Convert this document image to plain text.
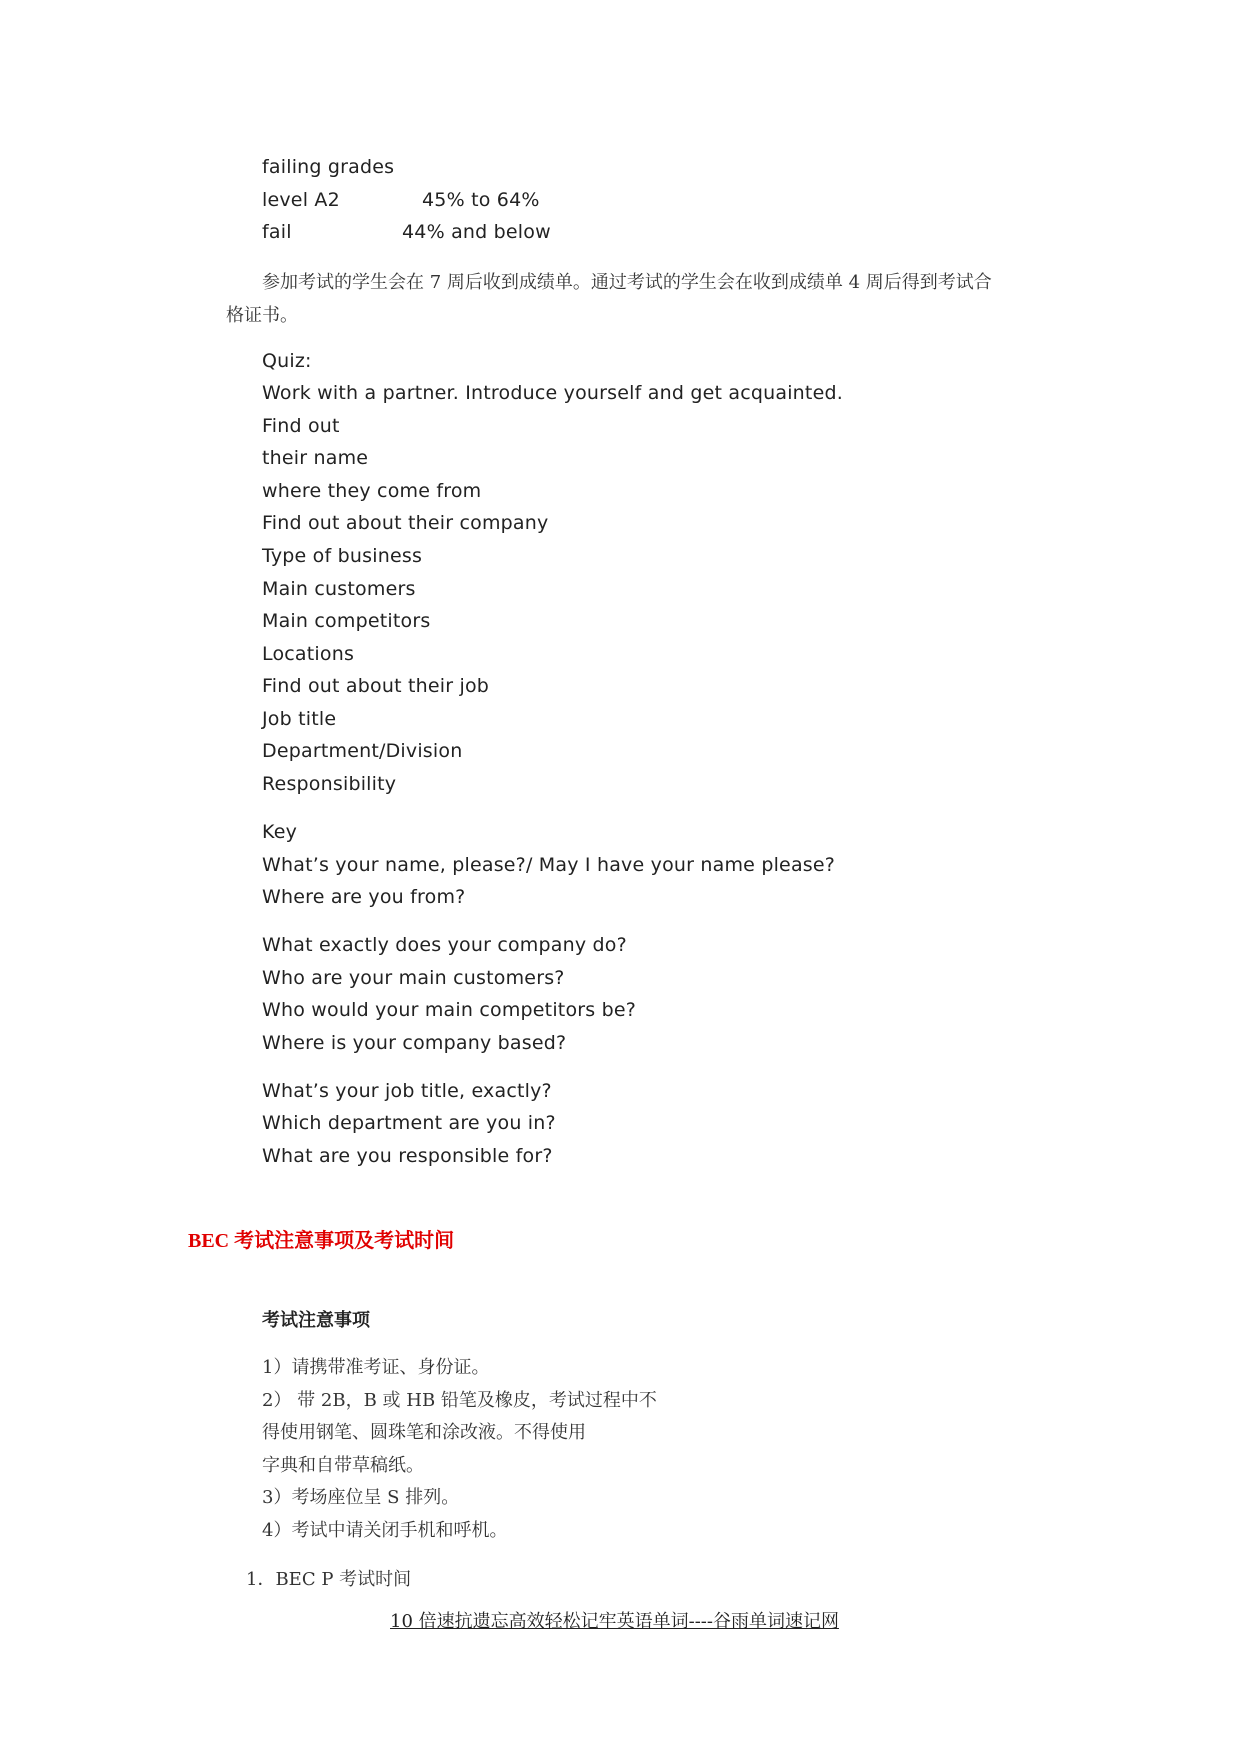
failing grades
level A2	45% to 64%
fail	44% and below
参加考试的学生会在 7 周后收到成绩单。通过考试的学生会在收到成绩单 4 周后得到考试合
格证书。
Quiz:
Work with a partner. Introduce yourself and get acquainted.
Find out
their name
where they come from
Find out about their company
Type of business
Main customers
Main competitors
Locations
Find out about their job
Job title
Department/Division
Responsibility
Key
What’s your name, please?/ May I have your name please?
Where are you from?
What exactly does your company do?
Who are your main customers?
Who would your main competitors be?
Where is your company based?
What’s your job title, exactly?
Which department are you in?
What are you responsible for?
BEC 考试注意事项及考试时间
考试注意事项
1）请携带准考证、身份证。
2） 带 2B，B 或 HB 铅笔及橡皮，考试过程中不
得使用钢笔、圆珠笔和涂改液。不得使用
字典和自带草稿纸。
3）考场座位呈 S 排列。
4）考试中请关闭手机和呼机。
1．BEC P 考试时间
10 倍速抗遗忘高效轻松记牢英语单词----谷雨单词速记网
